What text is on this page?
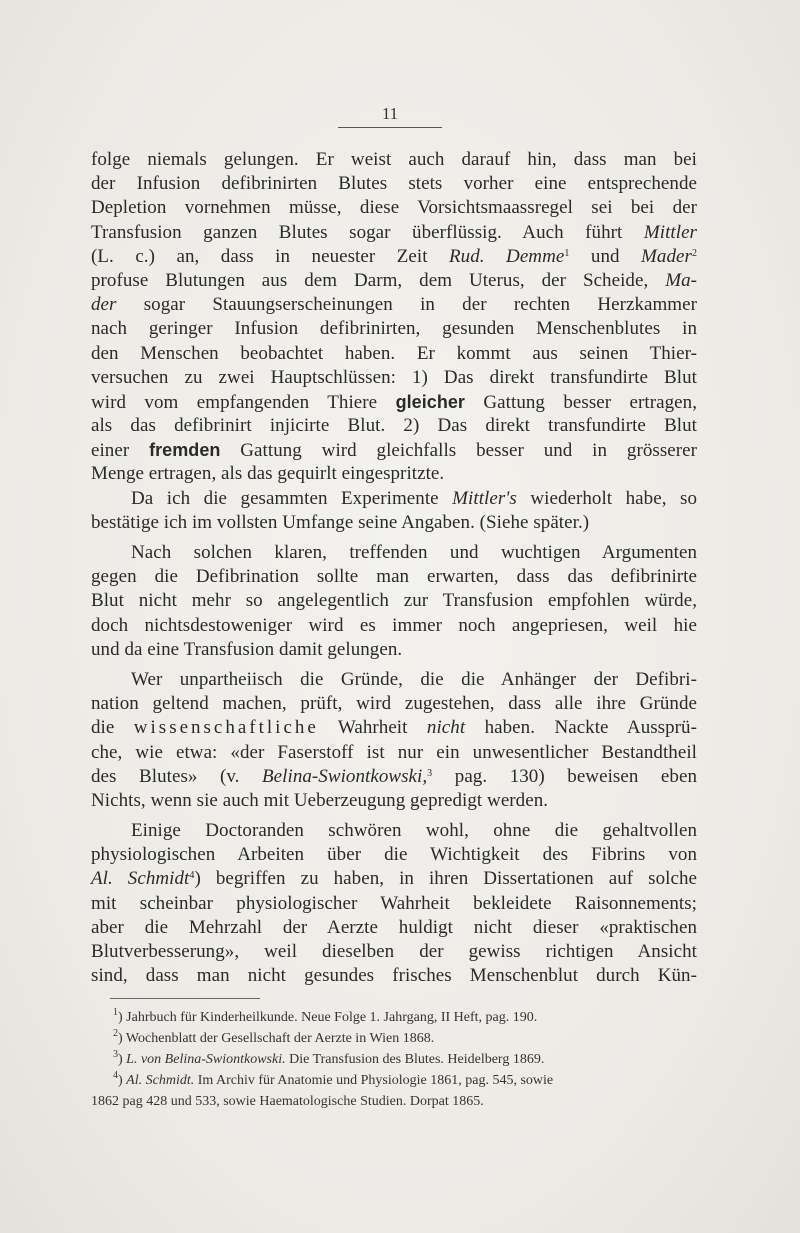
11
folge niemals gelungen. Er weist auch darauf hin, dass man bei
der Infusion defibrinirten Blutes stets vorher eine entsprechende
Depletion vornehmen müsse, diese Vorsichtsmaassregel sei bei der
Transfusion ganzen Blutes sogar überflüssig. Auch führt Mittler
(L. c.) an, dass in neuester Zeit Rud. Demme$^1$ und Mader$^2$
profuse Blutungen aus dem Darm, dem Uterus, der Scheide, Ma-
der sogar Stauungserscheinungen in der rechten Herzkammer
nach geringer Infusion defibrinirten, gesunden Menschenblutes in
den Menschen beobachtet haben. Er kommt aus seinen Thier-
versuchen zu zwei Hauptschlüssen: 1) Das direkt transfundirte Blut
wird vom empfangenden Thiere gleicher Gattung besser ertragen,
als das defibrinirt injicirte Blut. 2) Das direkt transfundirte Blut
einer fremden Gattung wird gleichfalls besser und in grösserer
Menge ertragen, als das gequirlt eingespritzte.
Da ich die gesammten Experimente Mittler's wiederholt habe, so
bestätige ich im vollsten Umfange seine Angaben. (Siehe später.)
Nach solchen klaren, treffenden und wuchtigen Argumenten
gegen die Defibrination sollte man erwarten, dass das defibrinirte
Blut nicht mehr so angelegentlich zur Transfusion empfohlen würde,
doch nichtsdestoweniger wird es immer noch angepriesen, weil hie
und da eine Transfusion damit gelungen.
Wer unpartheiisch die Gründe, die die Anhänger der Defibri-
nation geltend machen, prüft, wird zugestehen, dass alle ihre Gründe
die wissenschaftliche Wahrheit nicht haben. Nackte Aussprü-
che, wie etwa: «der Faserstoff ist nur ein unwesentlicher Bestandtheil
des Blutes» (v. Belina-Swiontkowski,$^3$ pag. 130) beweisen eben
Nichts, wenn sie auch mit Ueberzeugung gepredigt werden.
Einige Doctoranden schwören wohl, ohne die gehaltvollen
physiologischen Arbeiten über die Wichtigkeit des Fibrins von
Al. Schmidt$^4$) begriffen zu haben, in ihren Dissertationen auf solche
mit scheinbar physiologischer Wahrheit bekleidete Raisonnements;
aber die Mehrzahl der Aerzte huldigt nicht dieser «praktischen
Blutverbesserung», weil dieselben der gewiss richtigen Ansicht
sind, dass man nicht gesundes frisches Menschenblut durch Kün-
$^1$) Jahrbuch für Kinderheilkunde. Neue Folge 1. Jahrgang, II Heft, pag. 190.
$^2$) Wochenblatt der Gesellschaft der Aerzte in Wien 1868.
$^3$) L. von Belina-Swiontkowski. Die Transfusion des Blutes. Heidelberg 1869.
$^4$) Al. Schmidt. Im Archiv für Anatomie und Physiologie 1861, pag. 545, sowie
1862 pag 428 und 533, sowie Haematologische Studien. Dorpat 1865.
